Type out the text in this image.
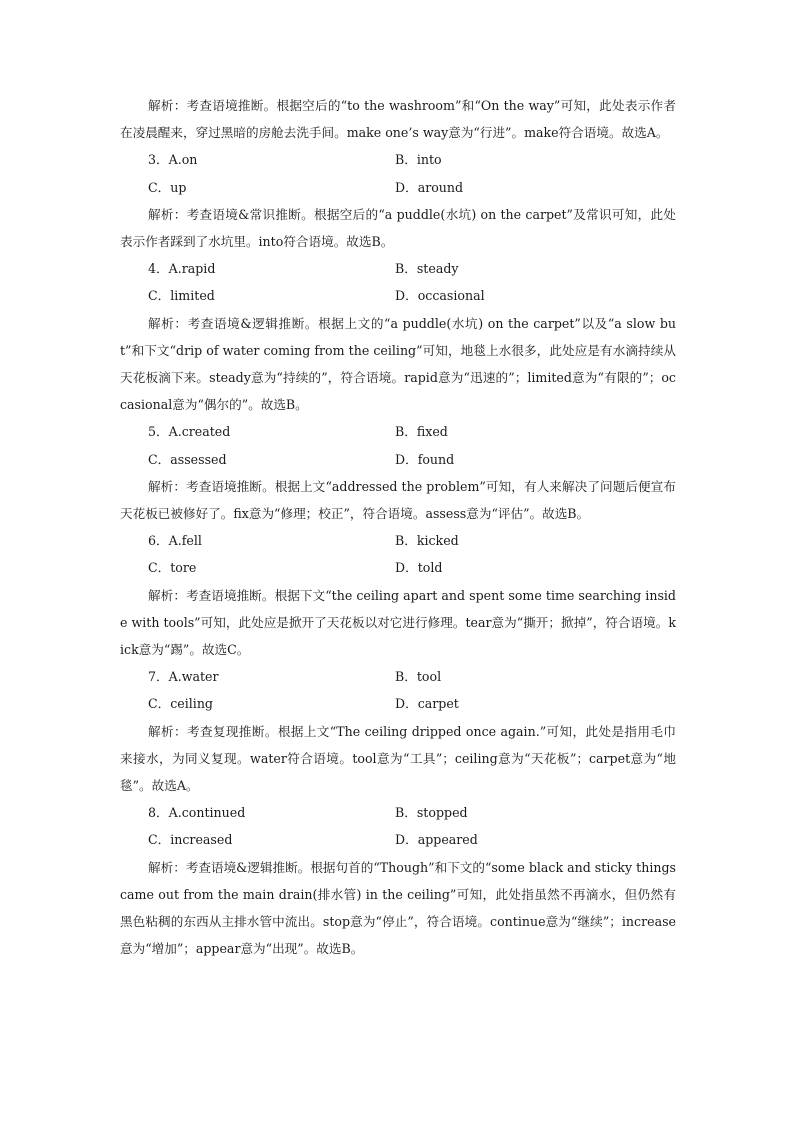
解析：考查语境推断。根据空后的“to the washroom”和“On the way”可知，此处表示作者在凌晨醒来，穿过黑暗的房舱去洗手间。make one’s way意为“行进”。make符合语境。故选A。

3．A.on	B．into
C．up	D．around

解析：考查语境&常识推断。根据空后的“a puddle(水坑) on the carpet”及常识可知，此处表示作者踩到了水坑里。into符合语境。故选B。

4．A.rapid	B．steady
C．limited	D．occasional

解析：考查语境&逻辑推断。根据上文的“a puddle(水坑) on the carpet”以及“a slow but”和下文“drip of water coming from the ceiling”可知，地毯上水很多，此处应是有水滴持续从天花板滴下来。steady意为“持续的”，符合语境。rapid意为“迅速的”；limited意为“有限的”；occasional意为“偶尔的”。故选B。

5．A.created	B．fixed
C．assessed	D．found

解析：考查语境推断。根据上文“addressed the problem”可知，有人来解决了问题后便宣布天花板已被修好了。fix意为“修理；校正”，符合语境。assess意为“评估”。故选B。

6．A.fell	B．kicked
C．tore	D．told

解析：考查语境推断。根据下文“the ceiling apart and spent some time searching inside with tools”可知，此处应是掀开了天花板以对它进行修理。tear意为“撕开；掀掉”，符合语境。kick意为“踢”。故选C。

7．A.water	B．tool
C．ceiling	D．carpet

解析：考查复现推断。根据上文“The ceiling dripped once again.”可知，此处是指用毛巾来接水，为同义复现。water符合语境。tool意为“工具”；ceiling意为“天花板”；carpet意为“地毯”。故选A。

8．A.continued	B．stopped
C．increased	D．appeared

解析：考查语境&逻辑推断。根据句首的“Though”和下文的“some black and sticky things came out from the main drain(排水管) in the ceiling”可知，此处指虽然不再滴水，但仍然有黑色粘稠的东西从主排水管中流出。stop意为“停止”，符合语境。continue意为“继续”；increase意为“增加”；appear意为“出现”。故选B。
